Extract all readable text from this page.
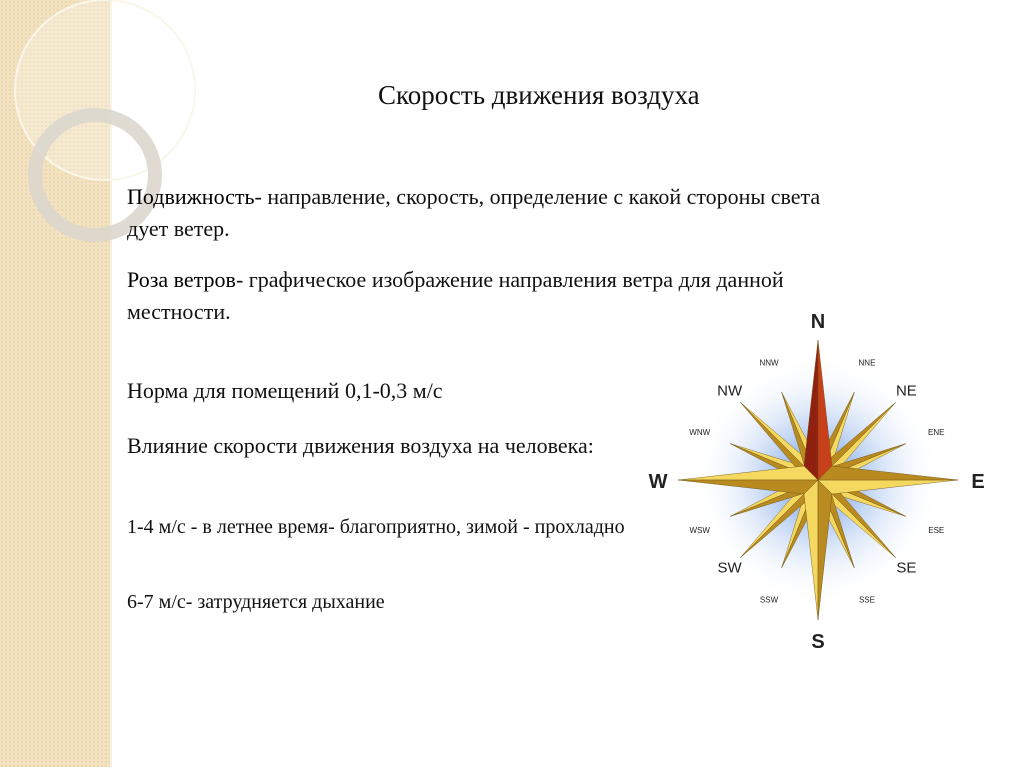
Скорость движения воздуха
Подвижность- направление, скорость, определение с какой стороны света
дует ветер.
Роза ветров- графическое изображение направления ветра для данной
местности.
Норма для помещений 0,1-0,3 м/с
Влияние скорости движения воздуха на человека:
1-4 м/с - в летнее время- благоприятно, зимой - прохладно
6-7 м/с- затрудняется дыхание
NNE
NE
ENE
ESE
SE
SSE
SSW
SW
WSW
WNW
NW
NNW
N
E
S
W
